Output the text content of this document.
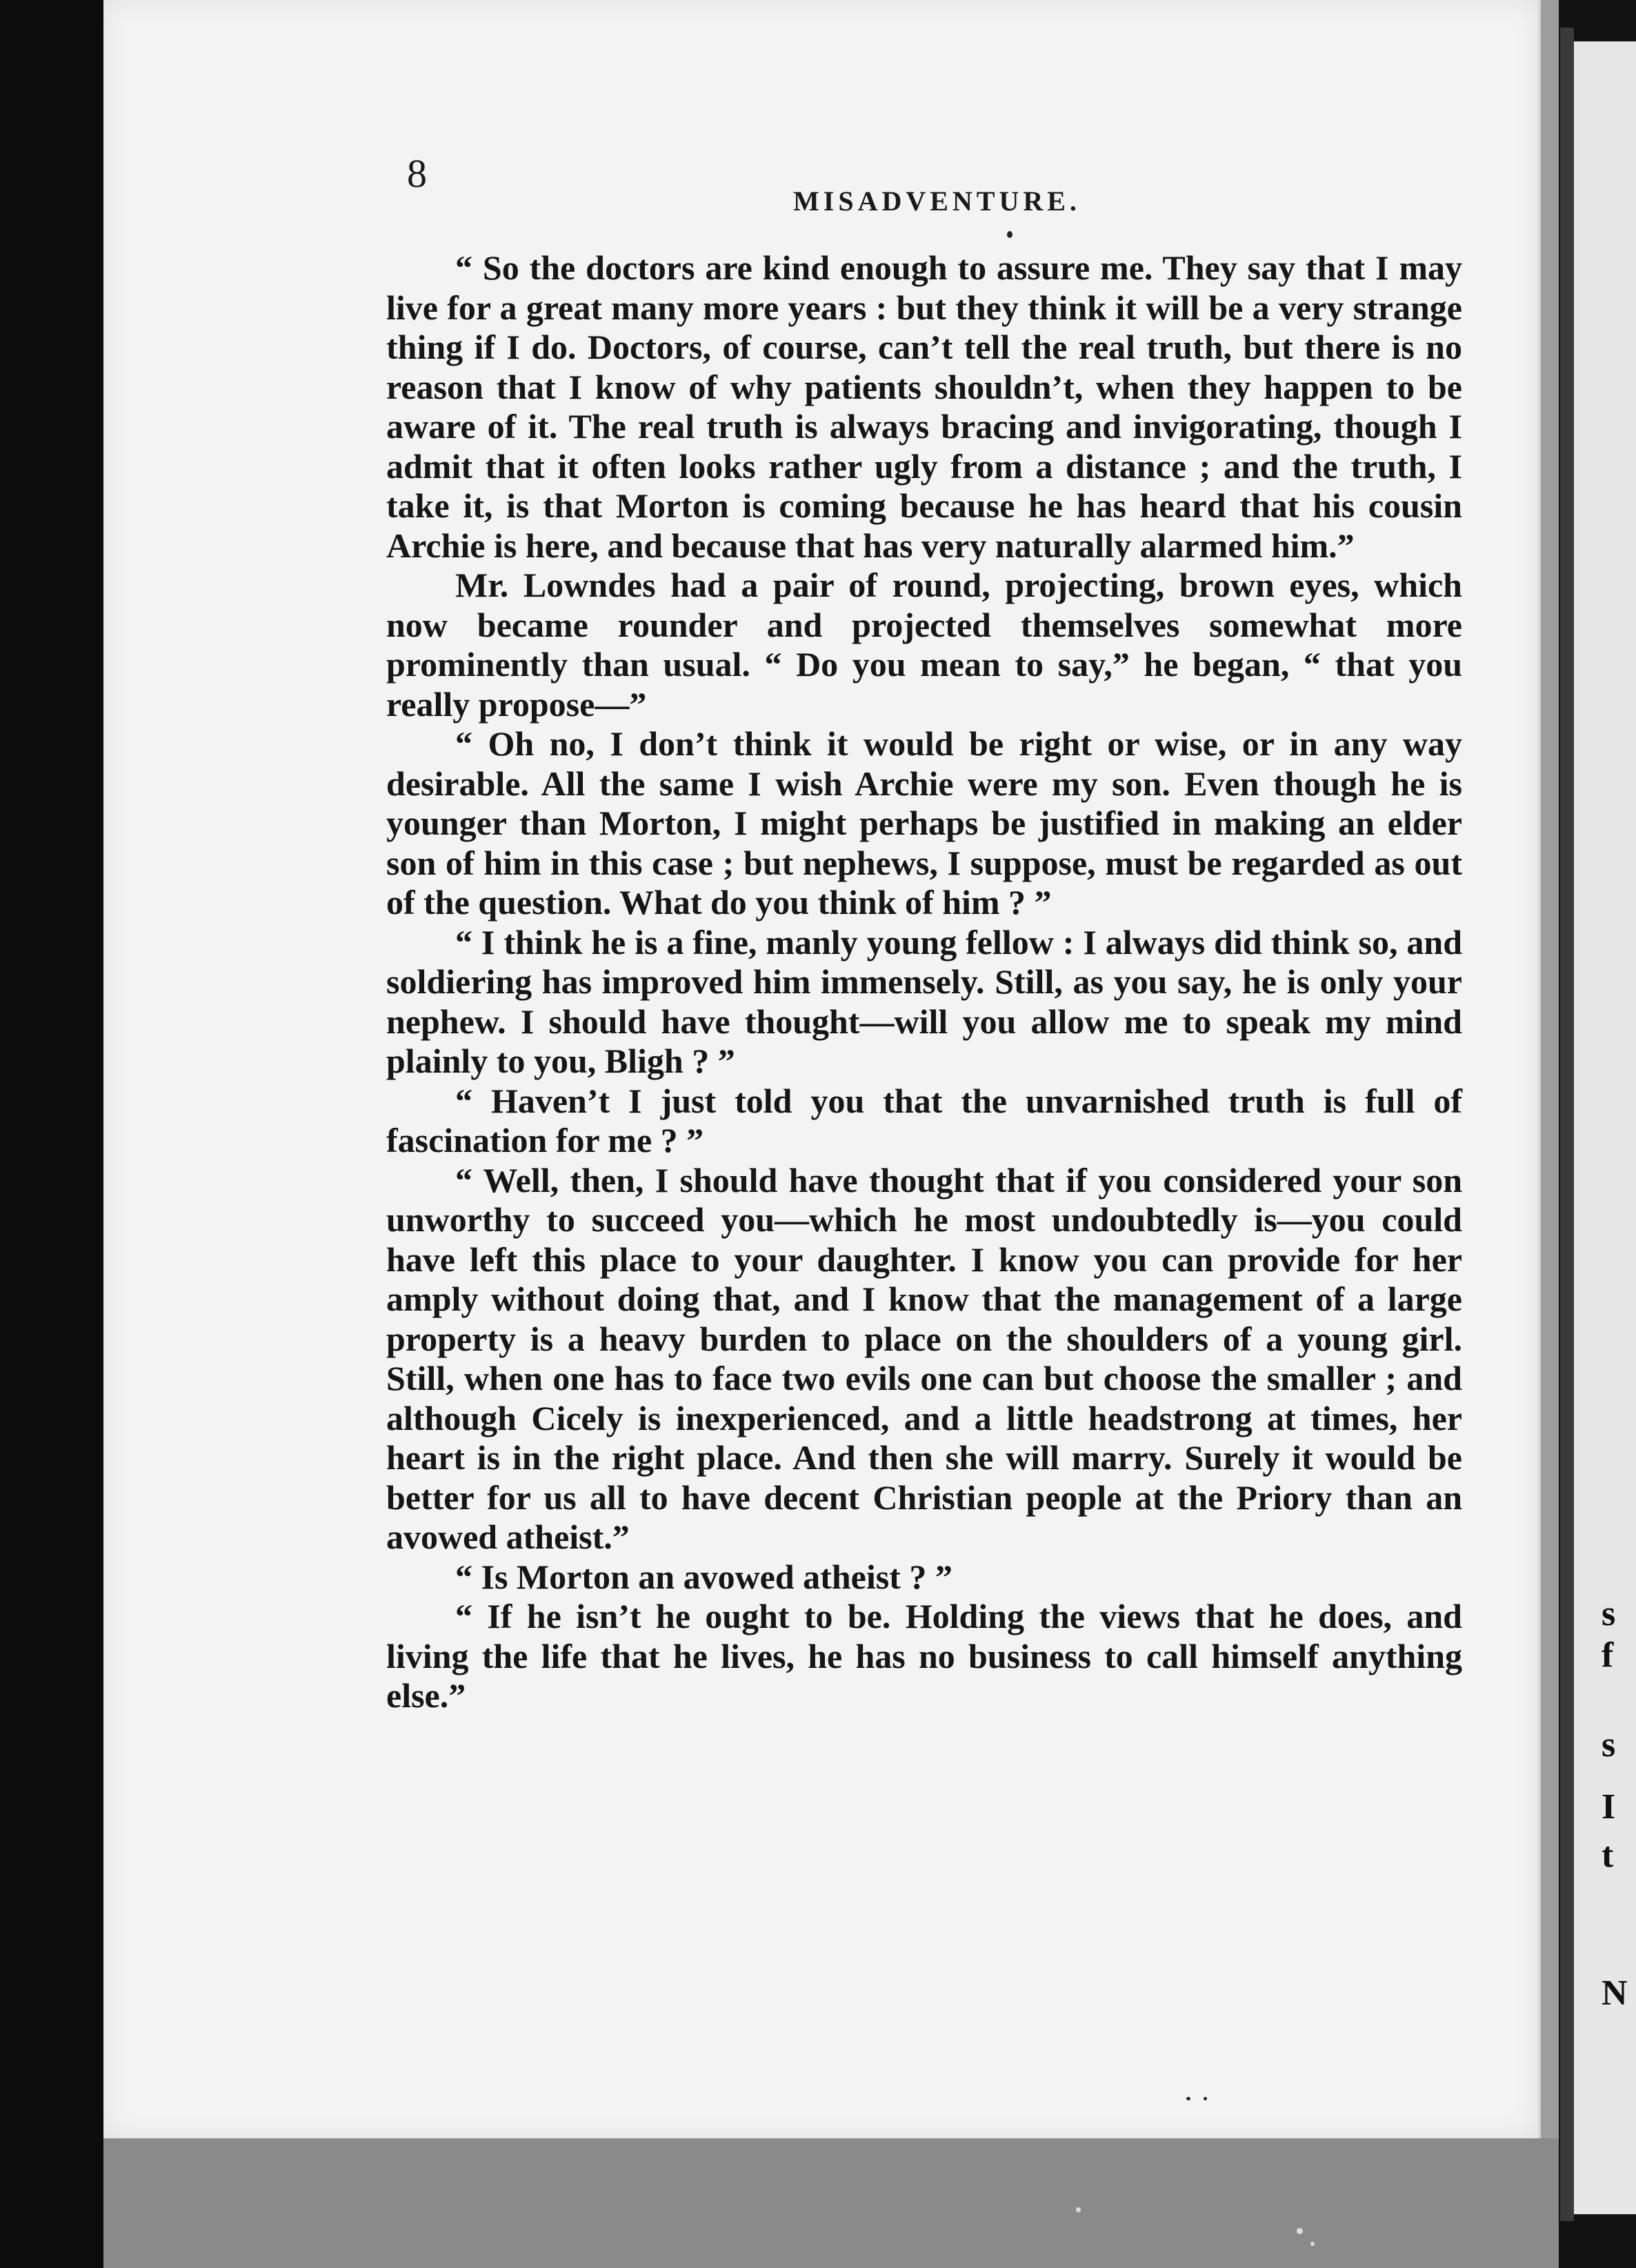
s
f
s
I
t
N
8
MISADVENTURE.

“ So the doctors are kind enough to assure me. They say that I may live for a great many more years : but they think it will be a very strange thing if I do. Doctors, of course, can’t tell the real truth, but there is no reason that I know of why patients shouldn’t, when they happen to be aware of it. The real truth is always bracing and invigorating, though I admit that it often looks rather ugly from a distance ; and the truth, I take it, is that Morton is coming because he has heard that his cousin Archie is here, and because that has very naturally alarmed him.”

Mr. Lowndes had a pair of round, projecting, brown eyes, which now became rounder and projected themselves somewhat more prominently than usual. “ Do you mean to say,” he began, “ that you really propose—”

“ Oh no, I don’t think it would be right or wise, or in any way desirable. All the same I wish Archie were my son. Even though he is younger than Morton, I might perhaps be justified in making an elder son of him in this case ; but nephews, I suppose, must be regarded as out of the question. What do you think of him ? ”

“ I think he is a fine, manly young fellow : I always did think so, and soldiering has improved him immensely. Still, as you say, he is only your nephew. I should have thought—will you allow me to speak my mind plainly to you, Bligh ? ”

“ Haven’t I just told you that the unvarnished truth is full of fascination for me ? ”

“ Well, then, I should have thought that if you considered your son unworthy to succeed you—which he most undoubtedly is—you could have left this place to your daughter. I know you can provide for her amply without doing that, and I know that the management of a large property is a heavy burden to place on the shoulders of a young girl. Still, when one has to face two evils one can but choose the smaller ; and although Cicely is inexperienced, and a little headstrong at times, her heart is in the right place. And then she will marry. Surely it would be better for us all to have decent Christian people at the Priory than an avowed atheist.”

“ Is Morton an avowed atheist ? ”

“ If he isn’t he ought to be. Holding the views that he does, and living the life that he lives, he has no business to call himself anything else.”
